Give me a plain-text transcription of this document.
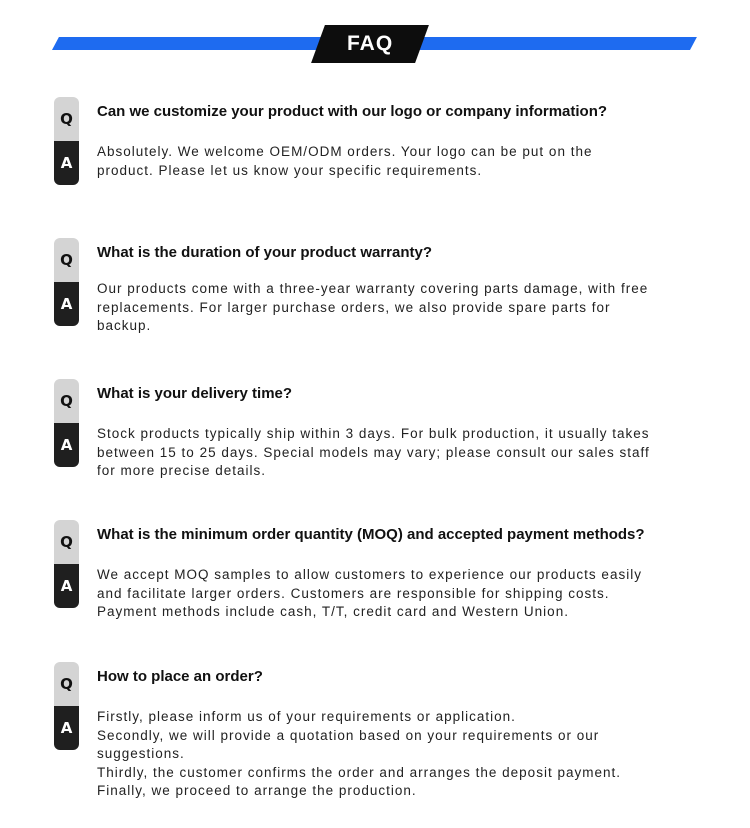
FAQ
Q
A
Can we customize your product with our logo or company information?

Absolutely. We welcome OEM/ODM orders. Your logo can be put on the
product. Please let us know your specific requirements.

Q
A
What is the duration of your product warranty?

Our products come with a three-year warranty covering parts damage, with free
replacements. For larger purchase orders, we also provide spare parts for
backup.

Q
A
What is your delivery time?

Stock products typically ship within 3 days. For bulk production, it usually takes
between 15 to 25 days. Special models may vary; please consult our sales staff
for more precise details.

Q
A
What is the minimum order quantity (MOQ) and accepted payment methods?

We accept MOQ samples to allow customers to experience our products easily
and facilitate larger orders. Customers are responsible for shipping costs.
Payment methods include cash, T/T, credit card and Western Union.

Q
A
How to place an order?

Firstly, please inform us of your requirements or application.
Secondly, we will provide a quotation based on your requirements or our
suggestions.
Thirdly, the customer confirms the order and arranges the deposit payment.
Finally, we proceed to arrange the production.
